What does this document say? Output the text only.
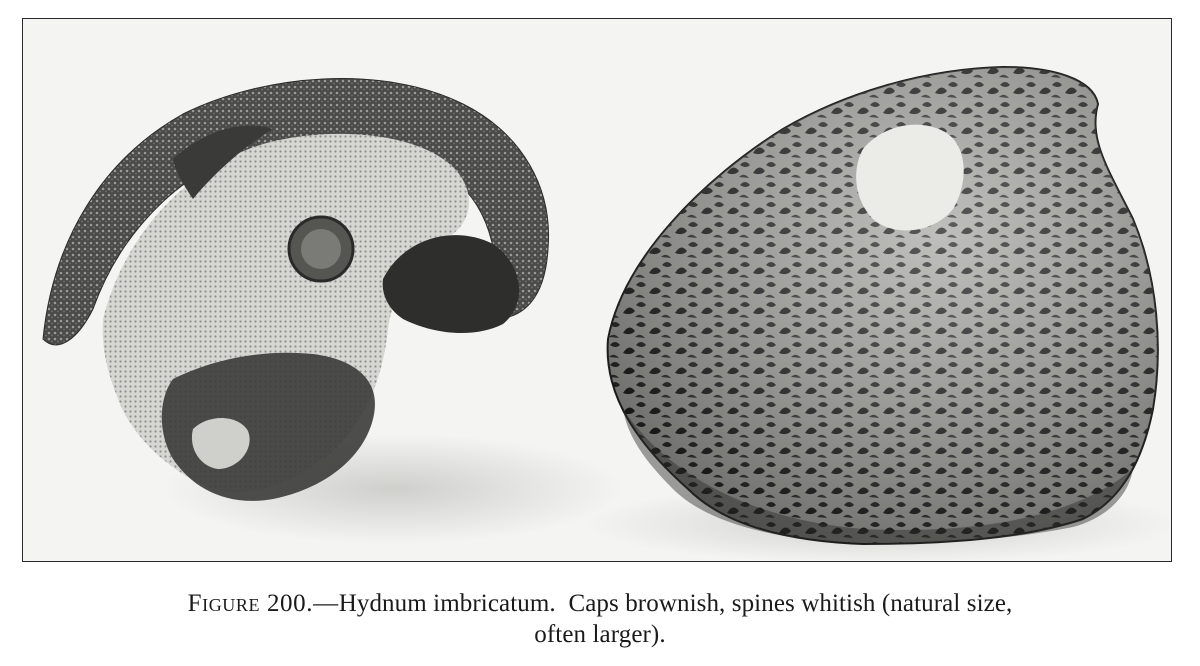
Figure 200.—Hydnum imbricatum. Caps brownish, spines whitish (natural size,
often larger).
